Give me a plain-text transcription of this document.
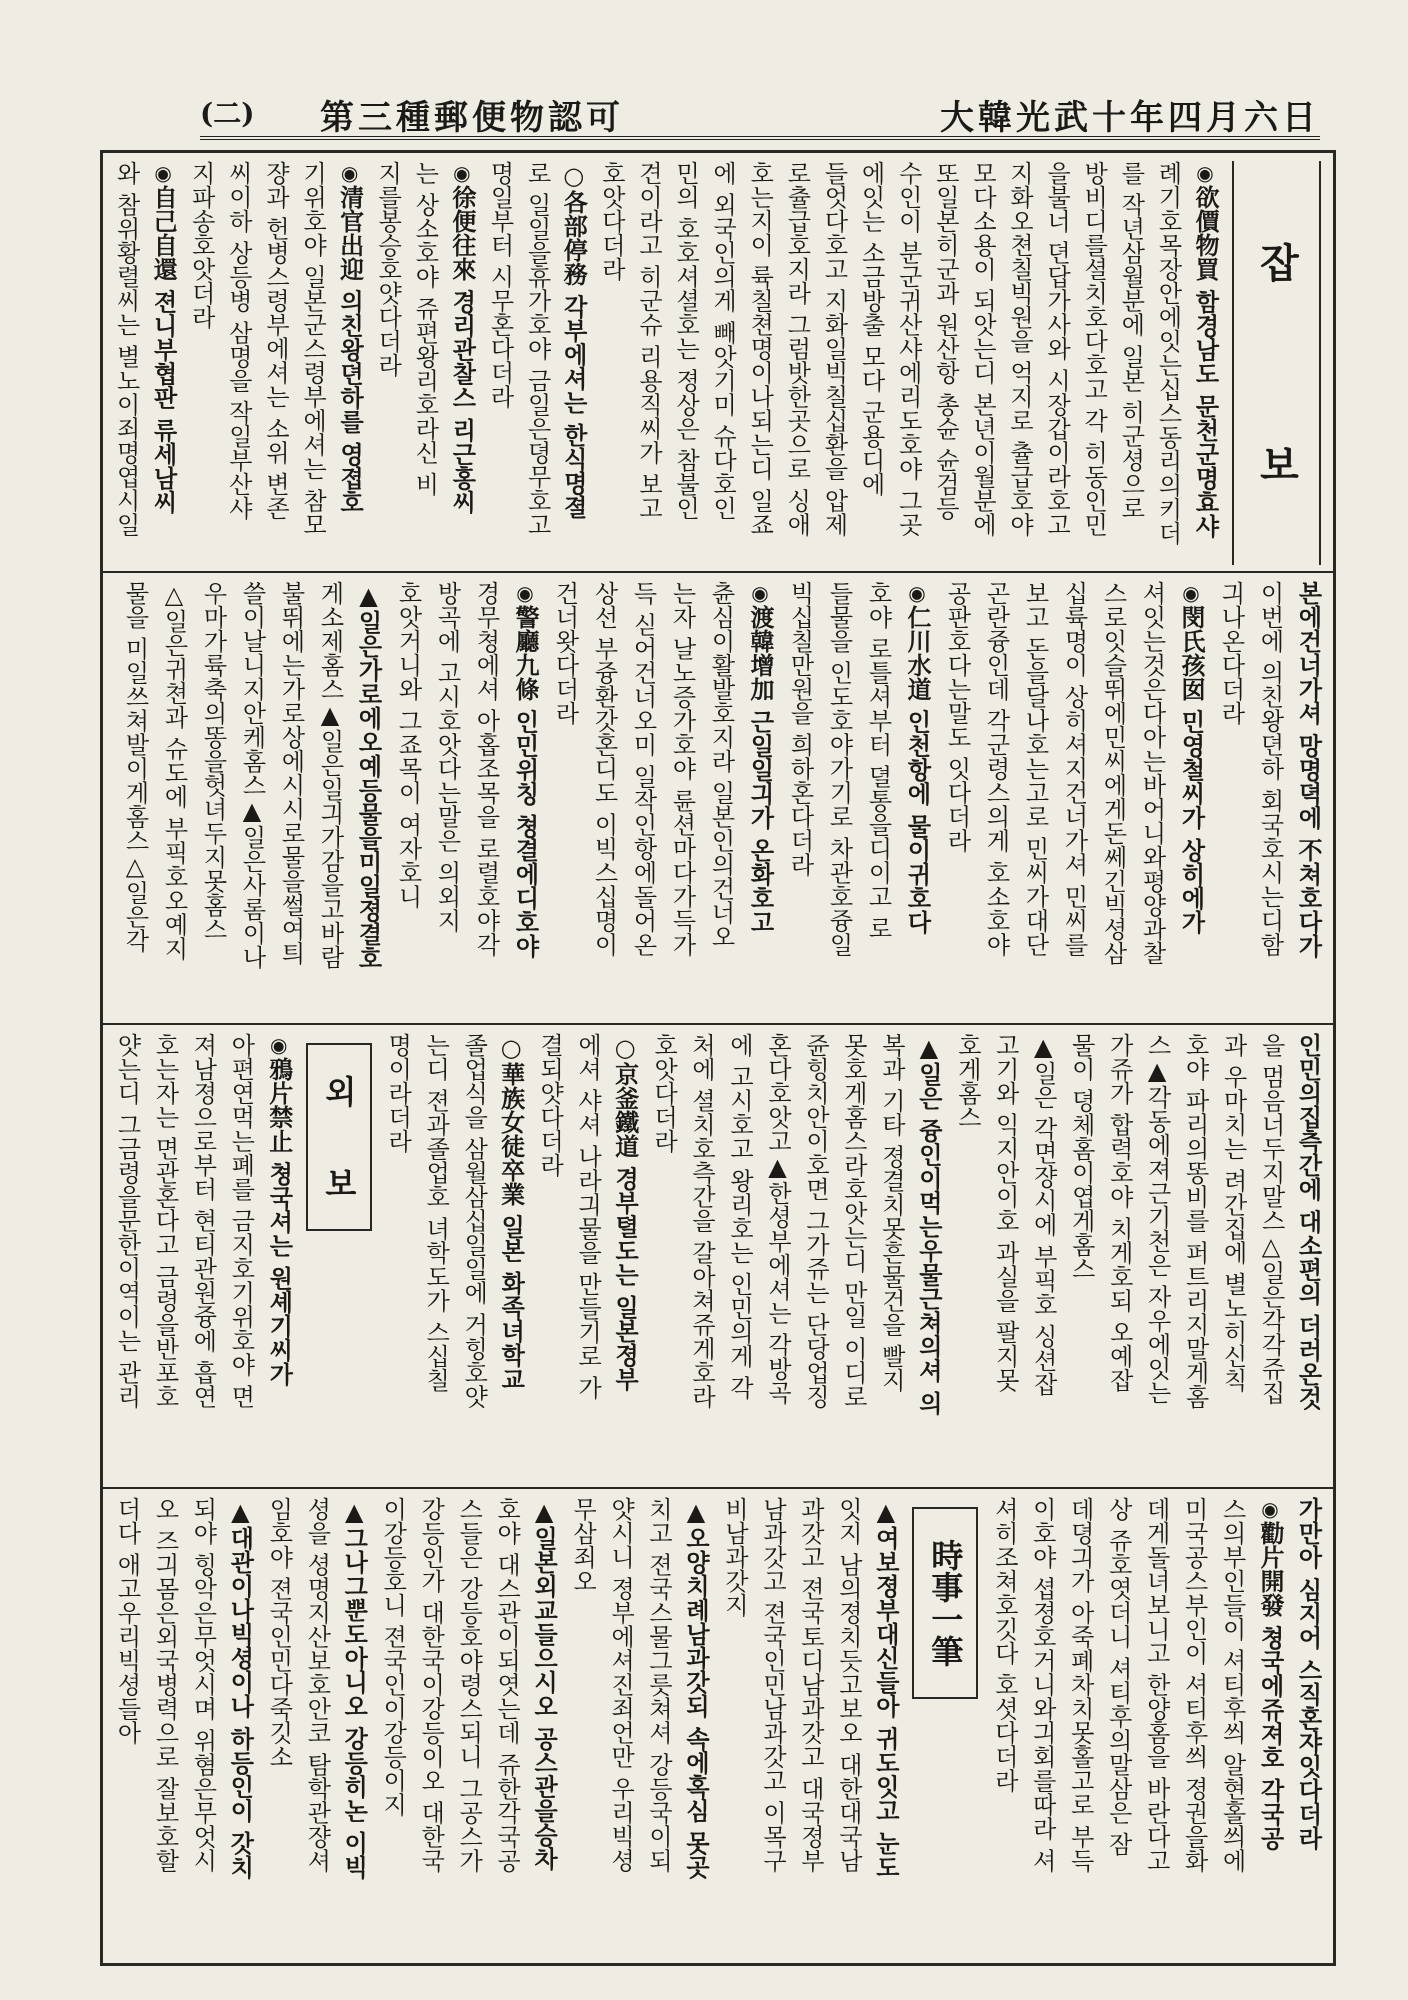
大韓光武十年四月六日
第三種郵便物認可
(二)
잡
보
◉ 欲價物買 함경남도 문천군명효샤
례기호목장안에잇는십스동리의키더
를 작년삼월분에 일본 히군셩으로
방비디를셜치호다호고 각 히동인민
을불너 뎐답가사와 시장갑이라호고
지화오쳔칠빅원을 억지로 츌급호야
모다소용이 되앗는디 본년이월분에
또일본히군과 원산항 총슌 슌검등
수인이 분군귀산샤에리도호야 그곳
에잇는 소금방출 모다 군용디에
들엇다호고 지화일빅칠십환을 압제
로츌급호지라 그럼밧한곳으로 싱애
호는지이 륙칠쳔명이나되는디 일죠
에 외국인의게 빼앗기미 슈다호인
민의 호호셔셜호는 졍상은 참불인
견이라고 히군슈 리용직씨가 보고
호앗다더라
○各部停務 각부에셔는 한식명졀
로 일일을휴가호야 금일은뎡무호고
명일부터 시무혼다더라
◉ 徐便往來 경리관찰스 리근홍씨
는 상소호야 쥬편왕리호라신 비
지를봉승호얏다더라
◉ 清官出迎 의친왕뎐하를 영졉호
기위호야 일본군스령부에셔는 참모
쟝과 헌병스령부에셔는 소위 변존
씨이하 상등병 삼명을 작일부산샤
지파송호앗더라
◉ 自己自還 젼니부협판 류세남씨
와 참위황렬씨는 별노이죄명엽시일
본에건너가셔 망명뎍에 不쳐호다가
이번에 의친왕뎐하 회국호시는디함
긔나온다더라
◉ 閔氏孩囡 민영철씨가 상히에가
셔잇는것은다아는바어니와평양과찰
스로잇슬뛰에민씨에게돈쎄긴빅셩삼
십륙명이 상히셔지건너가셔 민씨를
보고 돈을달나호는고로 민씨가대단
곤란즁인데 각군령스의게 호소호야
공판호다는말도 잇다더라
◉ 仁川水道 인천항에 물이귀호다
호야 로틀셔부터 뎔통을디이고 로
들물을 인도호야가기로 차관호즁일
빅십칠만원을 희하혼다더라
◉ 渡韓增加 근일일긔가 온화호고
츈심이활발호지라 일본인의건너오
는자 날노증가호야 륜션마다가득가
득 싣어건너오미 일작인항에돌어온
상선 부즁환갓혼디도 이빅스십명이
건너왓다더라
◉ 警廳九條 인민위칭 쳥결에디호야
경무쳥에셔 아홉조목을 로렬호야각
방곡에 고시호앗다는말은 의외지
호앗거니와 그죠목이 여자호니
▲일은가로에오예등물을미일졍결호
게소제홈스▲일은일긔가감을고바람
불뛰에는가로상에시시로물을썰여틔
쓸이날니지안케홈스▲일은사롬이나
우마가륙축의똥을헛녀두지못홈스
△일은귀쳔과 슈도에 부픽호오예지
물을 미일쓰쳐발이게홈스△일은각
인민의집측간에 대소편의 더러온것
을 멈음너두지말스△일은각각쥬집
과 우마치는 려간집에 별노히신칙
호야 파리의똥비를 퍼트리지말게홈
스▲각동에져근기천은 자우에잇는
가쥬가 합력호야 치게호되 오예잡
물이 뎡체홈이엽게홈스
▲일은 각면쟝시에 부픽호 싱션잡
고기와 익지안이호 과실을 팔지못
호게홈스
▲일은 즁인이먹는우물근쳐의셔 의
복과 기타 졍결치못흔물건을 빨지
못호게홈스라호앗는디 만일 이디로
쥰힝치안이호면 그가쥬는 단당업징
혼다호앗고▲한셩부에셔는 각방곡
에 고시호고 왕리호는 인민의게 각
처에 셜치호측간을 갈아쳐쥬게호라
호앗다더라
○京釜鐵道 경부텰도는 일본졍부
에셔 샤셔 나라긔물을 만들기로 가
결되얏다더라
○華族女徒卒業 일본 화족녀학교
졸업식을 삼월삼십일일에 거힝호얏
는디 젼과졸업호 녀학도가 스십칠
명이라더라
외보
◉ 鴉片禁止 쳥국셔는 원셰기씨가
아편연먹는폐를 금지호기위호야 면
져남졍으로부터 현티관원즁에 흡연
호는자는 면관혼다고 금령을반포호
얏는디 그금령을문한이역이는 관리
가만아 심지어 스직혼쟈잇다더라
◉ 勸片開發 쳥국에쥬져호 각국공
스의부인들이 셔티후씌 알현홀씌에
미국공스부인이 셔티후씌 졍권을화
데게돌녀보니고 한양홈을 바란다고
상 쥬호엿더니 셔티후의말삼은 잠
데뎡긔가 아죽폐차치못홀고로 부득
이호야 셥졍호거니와긔회를따라 셔
셔히조쳐호깃다 호셧다더라
時事一筆
▲여보졍부대신들아 귀도잇고 눈도
잇지 남의졍치듯고보오 대한대국남
과갓고 젼국토디남과갓고 대국졍부
남과갓고 젼국인민남과갓고 이목구
비남과갓지
▲오양치례남과갓되 속에혹심 못곳
치고 젼국스물그릇쳐셔 강등국이되
얏시니 졍부에셔진죄언만 우리빅셩
무삼죄오
▲일본외교들으시오 공스관을승차
호야 대스관이되엿는데 쥬한각국공
스들은 강등호야령스되니 그공스가
강등인가 대한국이강등이오 대한국
이강등호니 젼국인이강등이지
▲그나그뿐도아니오 강등히논 이빅
셩을 셩명지산보호안코 탐학관쟝셔
임호야 젼국인민다죽깃소
▲대관이나빅셩이나 하등인이 갓치
되야 힝악은무엇시며 위혐은무엇시
오 즈긔몸은외국병력으로 잘보호할
더다 애고우리빅셩들아
